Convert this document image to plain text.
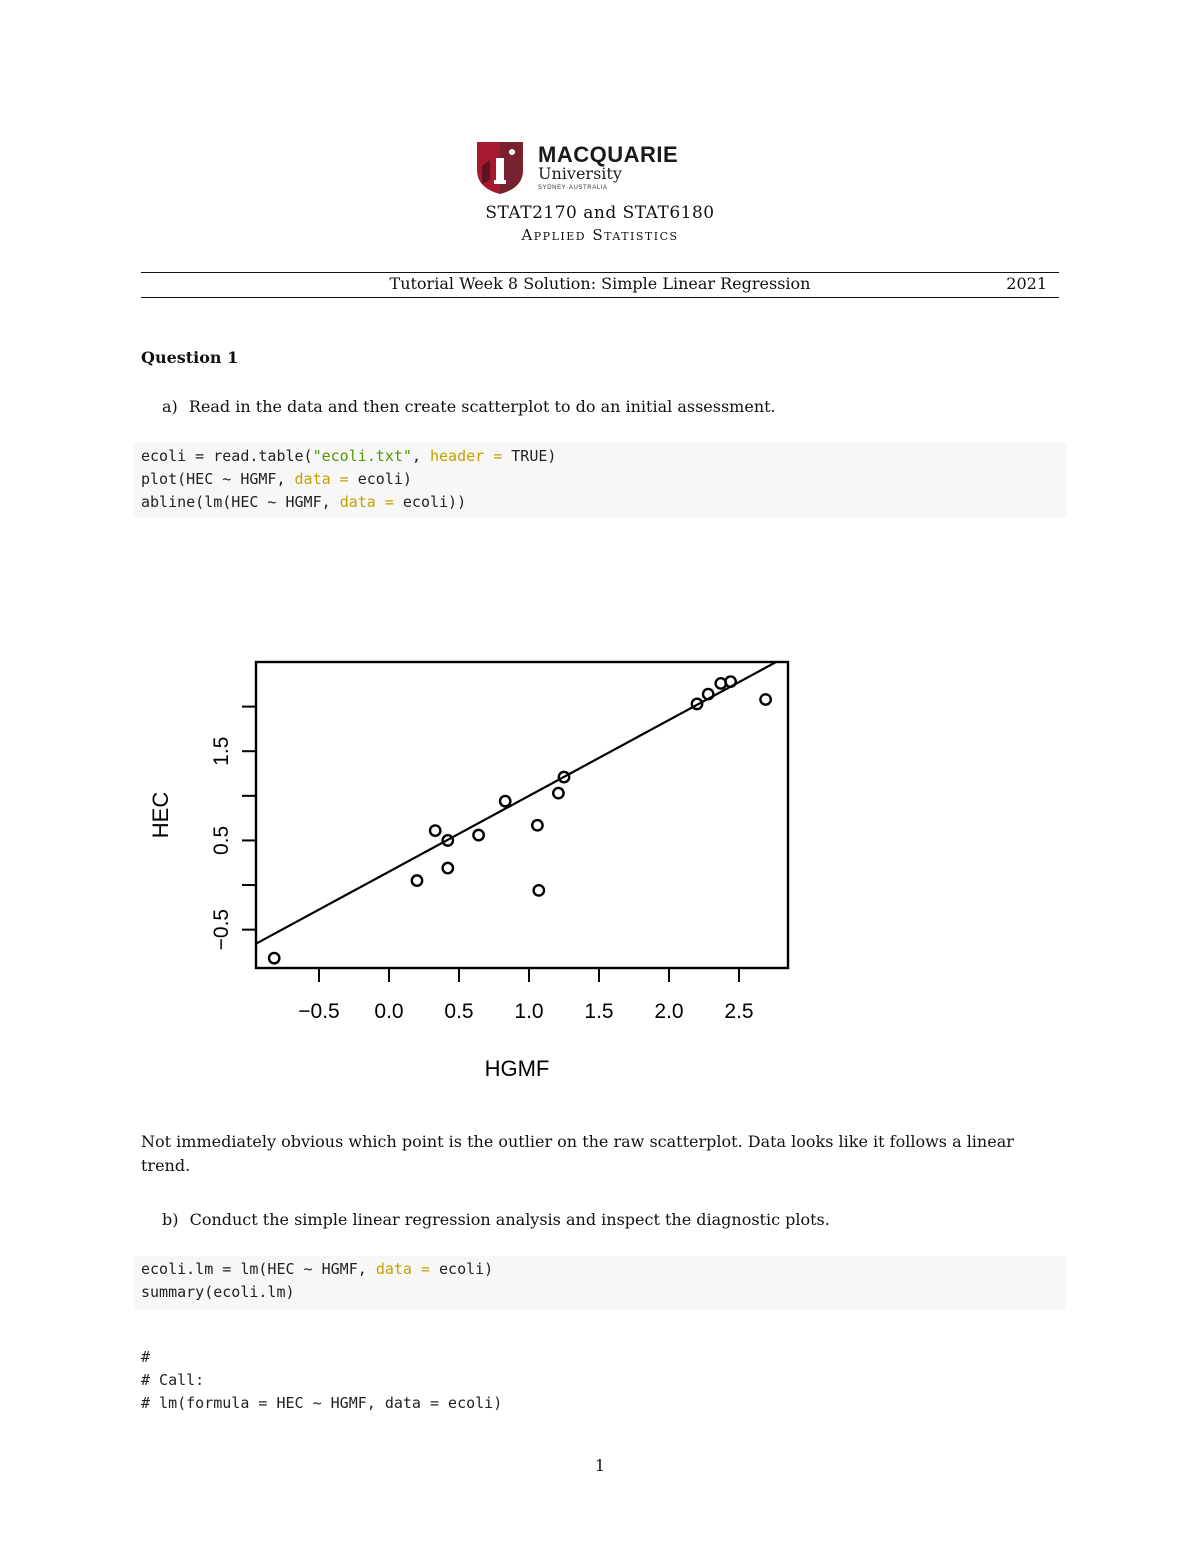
MACQUARIE
University
SYDNEY·AUSTRALIA
STAT2170 and STAT6180
Applied Statistics
Tutorial Week 8 Solution: Simple Linear Regression	2021
Question 1
a) Read in the data and then create scatterplot to do an initial assessment.
ecoli = read.table("ecoli.txt", header = TRUE)
plot(HEC ~ HGMF, data = ecoli)
abline(lm(HEC ~ HGMF, data = ecoli))
−0.5 0.0 0.5 1.0 1.5 2.0 2.5
−0.5
0.5
1.5
HGMF
HEC
Not immediately obvious which point is the outlier on the raw scatterplot. Data looks like it follows a linear trend.
b) Conduct the simple linear regression analysis and inspect the diagnostic plots.
ecoli.lm = lm(HEC ~ HGMF, data = ecoli)
summary(ecoli.lm)
#
# Call:
# lm(formula = HEC ~ HGMF, data = ecoli)
1
